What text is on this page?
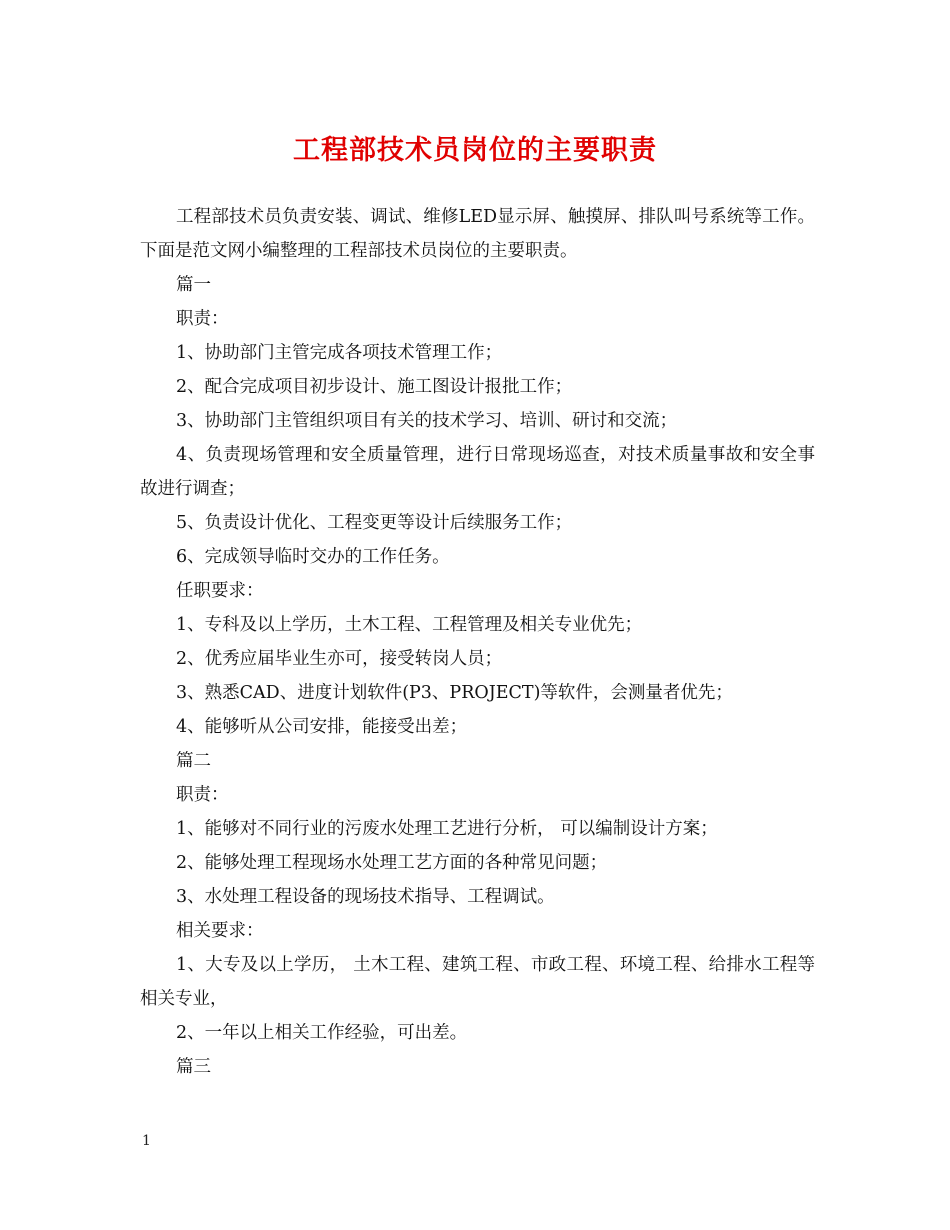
工程部技术员岗位的主要职责

工程部技术员负责安装、调试、维修LED显示屏、触摸屏、排队叫号系统等工作。下面是范文网小编整理的工程部技术员岗位的主要职责。

篇一

职责：

1、协助部门主管完成各项技术管理工作；

2、配合完成项目初步设计、施工图设计报批工作；

3、协助部门主管组织项目有关的技术学习、培训、研讨和交流；

4、负责现场管理和安全质量管理，进行日常现场巡查，对技术质量事故和安全事故进行调查；

5、负责设计优化、工程变更等设计后续服务工作；

6、完成领导临时交办的工作任务。

任职要求：

1、专科及以上学历，土木工程、工程管理及相关专业优先；

2、优秀应届毕业生亦可，接受转岗人员；

3、熟悉CAD、进度计划软件(P3、PROJECT)等软件，会测量者优先；

4、能够听从公司安排，能接受出差；

篇二

职责：

1、能够对不同行业的污废水处理工艺进行分析， 可以编制设计方案；

2、能够处理工程现场水处理工艺方面的各种常见问题；

3、水处理工程设备的现场技术指导、工程调试。

相关要求：

1、大专及以上学历， 土木工程、建筑工程、市政工程、环境工程、给排水工程等相关专业，

2、一年以上相关工作经验，可出差。

篇三

1
